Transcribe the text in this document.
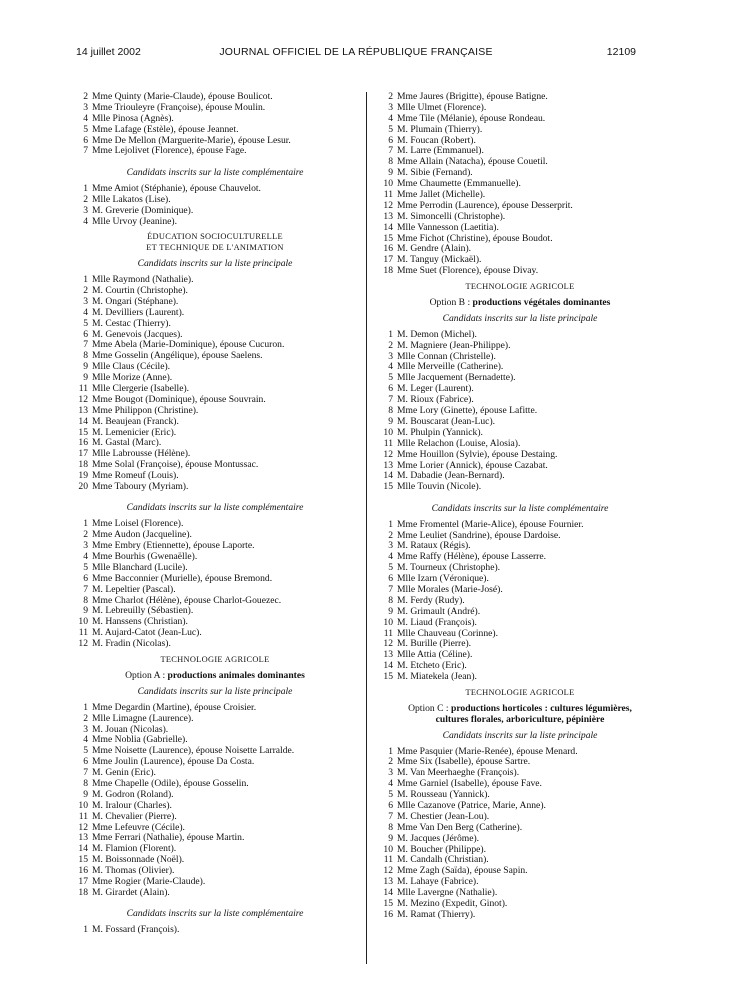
14 juillet 2002	JOURNAL OFFICIEL DE LA RÉPUBLIQUE FRANÇAISE	12109
2 Mme Quinty (Marie-Claude), épouse Boulicot.
3 Mme Triouleyre (Françoise), épouse Moulin.
4 Mlle Pinosa (Agnès).
5 Mme Lafage (Estèle), épouse Jeannet.
6 Mme De Mellon (Marguerite-Marie), épouse Lesur.
7 Mme Lejolivet (Florence), épouse Fage.
Candidats inscrits sur la liste complémentaire
1 Mme Amiot (Stéphanie), épouse Chauvelot.
2 Mlle Lakatos (Lise).
3 M. Greverie (Dominique).
4 Mlle Urvoy (Jeanine).
ÉDUCATION SOCIOCULTURELLE
ET TECHNIQUE DE L'ANIMATION
Candidats inscrits sur la liste principale
1 Mlle Raymond (Nathalie).
2 M. Courtin (Christophe).
3 M. Ongari (Stéphane).
4 M. Devilliers (Laurent).
5 M. Cestac (Thierry).
6 M. Genevois (Jacques).
7 Mme Abela (Marie-Dominique), épouse Cucuron.
8 Mme Gosselin (Angélique), épouse Saelens.
9 Mlle Claus (Cécile).
9 Mlle Morize (Anne).
11 Mlle Clergerie (Isabelle).
12 Mme Bougot (Dominique), épouse Souvrain.
13 Mme Philippon (Christine).
14 M. Beaujean (Franck).
15 M. Lemenicier (Eric).
16 M. Gastal (Marc).
17 Mlle Labrousse (Hélène).
18 Mme Solal (Françoise), épouse Montussac.
19 Mme Romeuf (Louis).
20 Mme Taboury (Myriam).
Candidats inscrits sur la liste complémentaire
1 Mme Loisel (Florence).
2 Mme Audon (Jacqueline).
3 Mme Embry (Etiennette), épouse Laporte.
4 Mme Bourhis (Gwenaëlle).
5 Mlle Blanchard (Lucile).
6 Mme Bacconnier (Murielle), épouse Bremond.
7 M. Lepeltier (Pascal).
8 Mme Charlot (Hélène), épouse Charlot-Gouezec.
9 M. Lebreuilly (Sébastien).
10 M. Hanssens (Christian).
11 M. Aujard-Catot (Jean-Luc).
12 M. Fradin (Nicolas).
TECHNOLOGIE AGRICOLE
Option A : productions animales dominantes
Candidats inscrits sur la liste principale
1 Mme Degardin (Martine), épouse Croisier.
2 Mlle Limagne (Laurence).
3 M. Jouan (Nicolas).
4 Mme Noblia (Gabrielle).
5 Mme Noisette (Laurence), épouse Noisette Larralde.
6 Mme Joulin (Laurence), épouse Da Costa.
7 M. Genin (Eric).
8 Mme Chapelle (Odile), épouse Gosselin.
9 M. Godron (Roland).
10 M. Iralour (Charles).
11 M. Chevalier (Pierre).
12 Mme Lefeuvre (Cécile).
13 Mme Ferrari (Nathalie), épouse Martin.
14 M. Flamion (Florent).
15 M. Boissonnade (Noël).
16 M. Thomas (Olivier).
17 Mme Rogier (Marie-Claude).
18 M. Girardet (Alain).
Candidats inscrits sur la liste complémentaire
1 M. Fossard (François).
2 Mme Jaures (Brigitte), épouse Batigne.
3 Mlle Ulmet (Florence).
4 Mme Tile (Mélanie), épouse Rondeau.
5 M. Plumain (Thierry).
6 M. Foucan (Robert).
7 M. Larre (Emmanuel).
8 Mme Allain (Natacha), épouse Couetil.
9 M. Sibie (Fernand).
10 Mme Chaumette (Emmanuelle).
11 Mme Jallet (Michelle).
12 Mme Perrodin (Laurence), épouse Desserprit.
13 M. Simoncelli (Christophe).
14 Mlle Vannesson (Laetitia).
15 Mme Fichot (Christine), épouse Boudot.
16 M. Gendre (Alain).
17 M. Tanguy (Mickaël).
18 Mme Suet (Florence), épouse Divay.
TECHNOLOGIE AGRICOLE
Option B : productions végétales dominantes
Candidats inscrits sur la liste principale
1 M. Demon (Michel).
2 M. Magniere (Jean-Philippe).
3 Mlle Connan (Christelle).
4 Mlle Merveille (Catherine).
5 Mlle Jacquement (Bernadette).
6 M. Leger (Laurent).
7 M. Rioux (Fabrice).
8 Mme Lory (Ginette), épouse Lafitte.
9 M. Bouscarat (Jean-Luc).
10 M. Phulpin (Yannick).
11 Mlle Relachon (Louise, Alosia).
12 Mme Houillon (Sylvie), épouse Destaing.
13 Mme Lorier (Annick), épouse Cazabat.
14 M. Dabadie (Jean-Bernard).
15 Mlle Touvin (Nicole).
Candidats inscrits sur la liste complémentaire
1 Mme Fromentel (Marie-Alice), épouse Fournier.
2 Mme Leuliet (Sandrine), épouse Dardoise.
3 M. Rataux (Régis).
4 Mme Raffy (Hélène), épouse Lasserre.
5 M. Tourneux (Christophe).
6 Mlle Izarn (Véronique).
7 Mlle Morales (Marie-José).
8 M. Ferdy (Rudy).
9 M. Grimault (André).
10 M. Liaud (François).
11 Mlle Chauveau (Corinne).
12 M. Burille (Pierre).
13 Mlle Attia (Céline).
14 M. Etcheto (Eric).
15 M. Miatekela (Jean).
TECHNOLOGIE AGRICOLE
Option C : productions horticoles : cultures légumières,
cultures florales, arboriculture, pépinière
Candidats inscrits sur la liste principale
1 Mme Pasquier (Marie-Renée), épouse Menard.
2 Mme Six (Isabelle), épouse Sartre.
3 M. Van Meerhaeghe (François).
4 Mme Garniel (Isabelle), épouse Fave.
5 M. Rousseau (Yannick).
6 Mlle Cazanove (Patrice, Marie, Anne).
7 M. Chestier (Jean-Lou).
8 Mme Van Den Berg (Catherine).
9 M. Jacques (Jérôme).
10 M. Boucher (Philippe).
11 M. Candalh (Christian).
12 Mme Zagh (Saïda), épouse Sapin.
13 M. Lahaye (Fabrice).
14 Mlle Lavergne (Nathalie).
15 M. Mezino (Expedit, Ginot).
16 M. Ramat (Thierry).
